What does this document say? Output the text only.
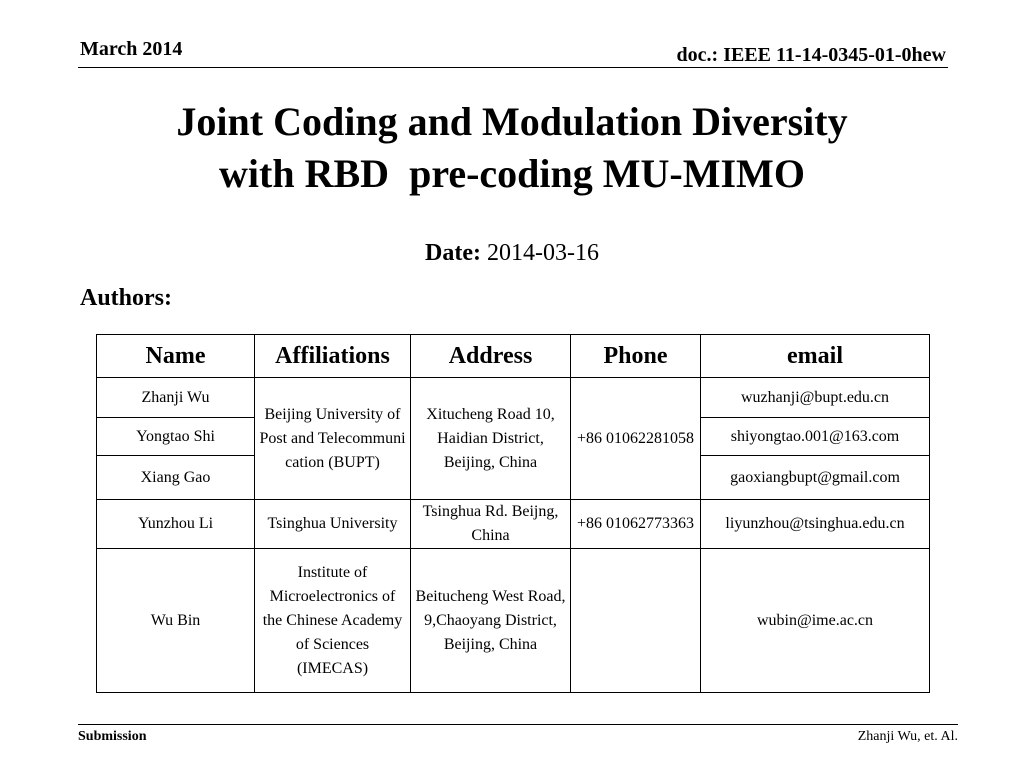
March 2014	doc.: IEEE 11-14-0345-01-0hew
Joint Coding and Modulation Diversity
with RBD  pre-coding MU-MIMO
Date: 2014-03-16
Authors:
Name	Affiliations	Address	Phone	email
Zhanji Wu	Beijing University of Post and Telecommunication (BUPT)	Xitucheng Road 10, Haidian District, Beijing, China	+86 01062281058	wuzhanji@bupt.edu.cn
Yongtao Shi				shiyongtao.001@163.com
Xiang Gao				gaoxiangbupt@gmail.com
Yunzhou Li	Tsinghua University	Tsinghua Rd. Beijng, China	+86 01062773363	liyunzhou@tsinghua.edu.cn
Wu Bin	Institute of Microelectronics of the Chinese Academy of Sciences (IMECAS)	Beitucheng West Road, 9,Chaoyang District, Beijing, China		wubin@ime.ac.cn
Submission	Zhanji Wu, et. Al.
